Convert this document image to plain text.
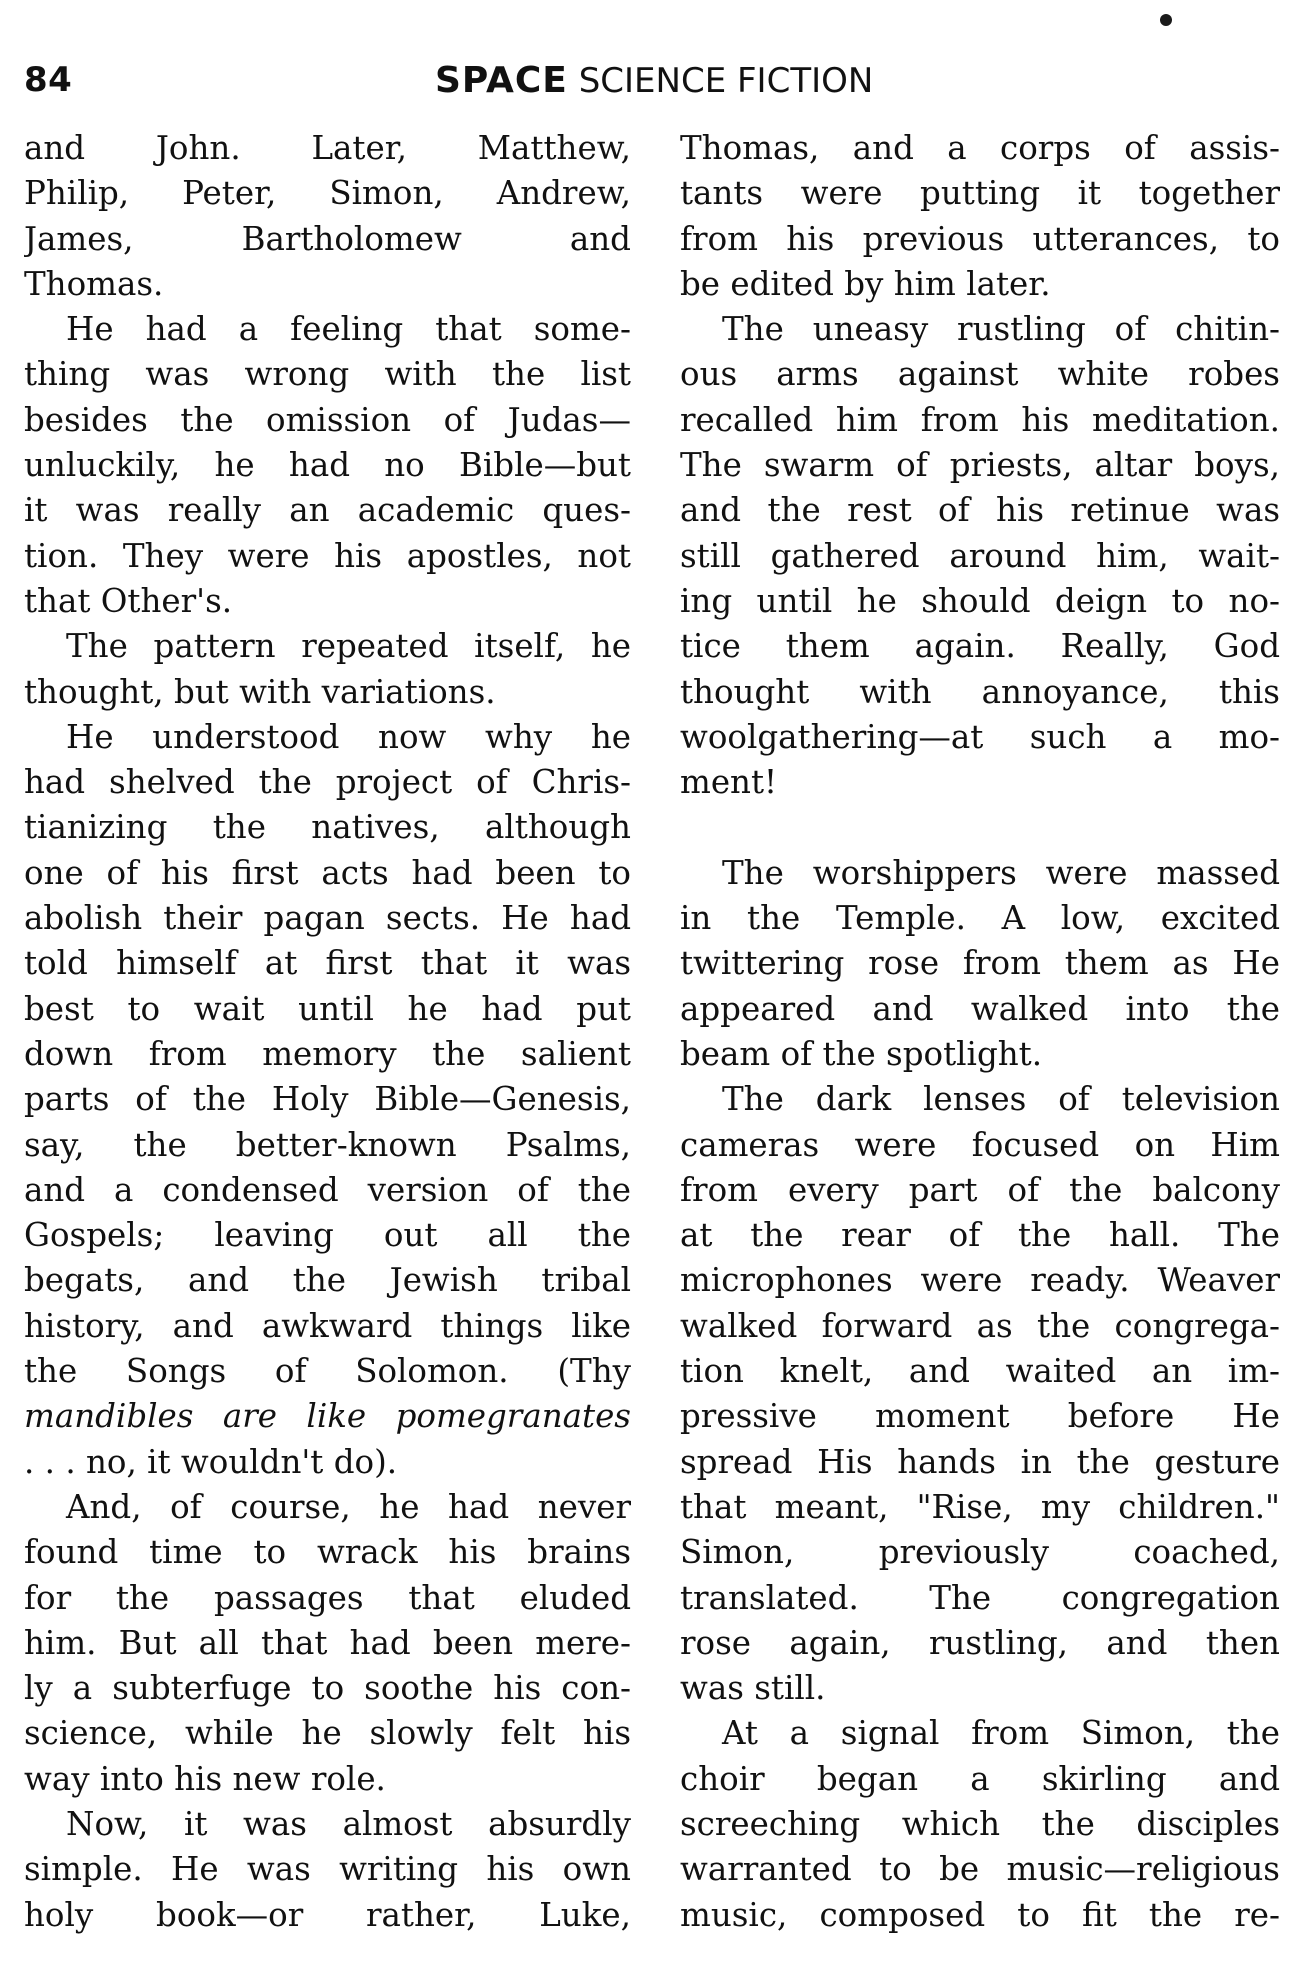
84	SPACE SCIENCE FICTION
and John. Later, Matthew,
Philip, Peter, Simon, Andrew,
James, Bartholomew and
Thomas.
He had a feeling that some-
thing was wrong with the list
besides the omission of Judas—
unluckily, he had no Bible—but
it was really an academic ques-
tion. They were his apostles, not
that Other's.
The pattern repeated itself, he
thought, but with variations.
He understood now why he
had shelved the project of Chris-
tianizing the natives, although
one of his first acts had been to
abolish their pagan sects. He had
told himself at first that it was
best to wait until he had put
down from memory the salient
parts of the Holy Bible—Genesis,
say, the better-known Psalms,
and a condensed version of the
Gospels; leaving out all the
begats, and the Jewish tribal
history, and awkward things like
the Songs of Solomon. (Thy
mandibles are like pomegranates
. . . no, it wouldn't do).
And, of course, he had never
found time to wrack his brains
for the passages that eluded
him. But all that had been mere-
ly a subterfuge to soothe his con-
science, while he slowly felt his
way into his new role.
Now, it was almost absurdly
simple. He was writing his own
holy book—or rather, Luke,
Thomas, and a corps of assis-
tants were putting it together
from his previous utterances, to
be edited by him later.
The uneasy rustling of chitin-
ous arms against white robes
recalled him from his meditation.
The swarm of priests, altar boys,
and the rest of his retinue was
still gathered around him, wait-
ing until he should deign to no-
tice them again. Really, God
thought with annoyance, this
woolgathering—at such a mo-
ment!
The worshippers were massed
in the Temple. A low, excited
twittering rose from them as He
appeared and walked into the
beam of the spotlight.
The dark lenses of television
cameras were focused on Him
from every part of the balcony
at the rear of the hall. The
microphones were ready. Weaver
walked forward as the congrega-
tion knelt, and waited an im-
pressive moment before He
spread His hands in the gesture
that meant, "Rise, my children."
Simon, previously coached,
translated. The congregation
rose again, rustling, and then
was still.
At a signal from Simon, the
choir began a skirling and
screeching which the disciples
warranted to be music—religious
music, composed to fit the re-
